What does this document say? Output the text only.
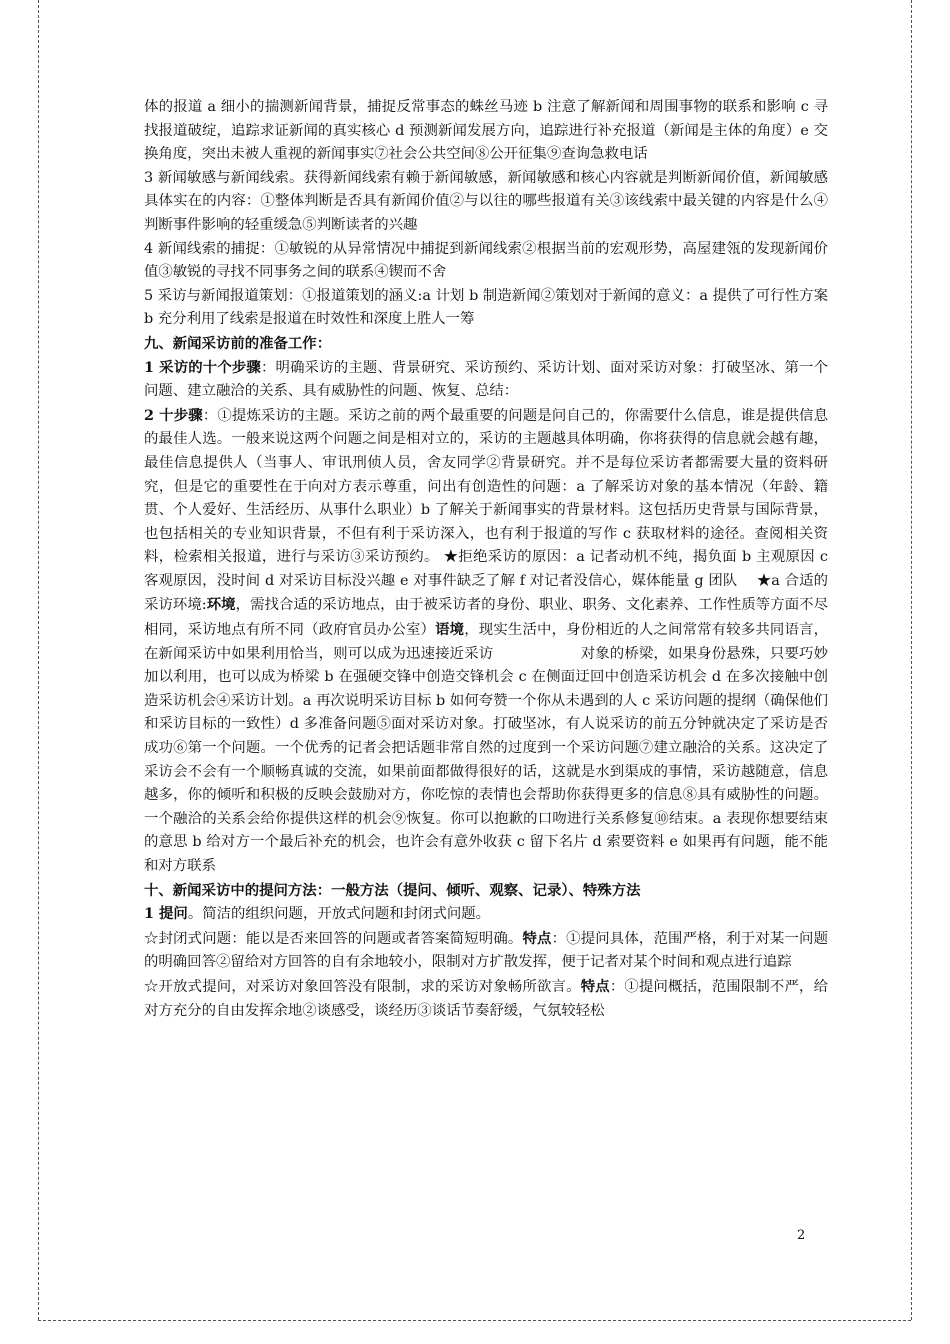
体的报道 a 细小的揣测新闻背景，捕捉反常事态的蛛丝马迹 b 注意了解新闻和周围事物的联系和影响 c 寻找报道破绽，追踪求证新闻的真实核心 d 预测新闻发展方向，追踪进行补充报道（新闻是主体的角度）e 交换角度，突出未被人重视的新闻事实⑦社会公共空间⑧公开征集⑨查询急救电话

3 新闻敏感与新闻线索。获得新闻线索有赖于新闻敏感，新闻敏感和核心内容就是判断新闻价值，新闻敏感具体实在的内容：①整体判断是否具有新闻价值②与以往的哪些报道有关③该线索中最关键的内容是什么④判断事件影响的轻重缓急⑤判断读者的兴趣

4 新闻线索的捕捉：①敏锐的从异常情况中捕捉到新闻线索②根据当前的宏观形势，高屋建瓴的发现新闻价值③敏锐的寻找不同事务之间的联系④锲而不舍

5 采访与新闻报道策划：①报道策划的涵义:a 计划 b 制造新闻②策划对于新闻的意义：a 提供了可行性方案 b 充分利用了线索是报道在时效性和深度上胜人一筹

九、新闻采访前的准备工作：

1 采访的十个步骤：明确采访的主题、背景研究、采访预约、采访计划、面对采访对象：打破坚冰、第一个问题、建立融洽的关系、具有威胁性的问题、恢复、总结：

2 十步骤：①提炼采访的主题。采访之前的两个最重要的问题是问自己的，你需要什么信息，谁是提供信息的最佳人选。一般来说这两个问题之间是相对立的，采访的主题越具体明确，你将获得的信息就会越有趣，最佳信息提供人（当事人、审讯刑侦人员，舍友同学②背景研究。并不是每位采访者都需要大量的资料研究，但是它的重要性在于向对方表示尊重，问出有创造性的问题：a 了解采访对象的基本情况（年龄、籍贯、个人爱好、生活经历、从事什么职业）b 了解关于新闻事实的背景材料。这包括历史背景与国际背景，也包括相关的专业知识背景，不但有利于采访深入，也有利于报道的写作 c 获取材料的途径。查阅相关资料，检索相关报道，进行与采访③采访预约。 ★拒绝采访的原因：a 记者动机不纯，揭负面 b 主观原因 c 客观原因，没时间 d 对采访目标没兴趣 e 对事件缺乏了解 f 对记者没信心，媒体能量 g 团队　 ★a 合适的采访环境:环境，需找合适的采访地点，由于被采访者的身份、职业、职务、文化素养、工作性质等方面不尽相同，采访地点有所不同（政府官员办公室）语境，现实生活中，身份相近的人之间常常有较多共同语言，在新闻采访中如果利用恰当，则可以成为迅速接近采访　　　　　　对象的桥梁，如果身份悬殊，只要巧妙加以利用，也可以成为桥梁 b 在强硬交锋中创造交锋机会 c 在侧面迂回中创造采访机会 d 在多次接触中创造采访机会④采访计划。a 再次说明采访目标 b 如何夸赞一个你从未遇到的人 c 采访问题的提纲（确保他们和采访目标的一致性）d 多准备问题⑤面对采访对象。打破坚冰，有人说采访的前五分钟就决定了采访是否成功⑥第一个问题。一个优秀的记者会把话题非常自然的过度到一个采访问题⑦建立融洽的关系。这决定了采访会不会有一个顺畅真诚的交流，如果前面都做得很好的话，这就是水到渠成的事情，采访越随意，信息越多，你的倾听和积极的反映会鼓励对方，你吃惊的表情也会帮助你获得更多的信息⑧具有威胁性的问题。一个融洽的关系会给你提供这样的机会⑨恢复。你可以抱歉的口吻进行关系修复⑩结束。a 表现你想要结束的意思 b 给对方一个最后补充的机会，也许会有意外收获 c 留下名片 d 索要资料 e 如果再有问题，能不能和对方联系

十、新闻采访中的提问方法：一般方法（提问、倾听、观察、记录）、特殊方法

1 提问。简洁的组织问题，开放式问题和封闭式问题。

☆封闭式问题：能以是否来回答的问题或者答案简短明确。特点：①提问具体，范围严格，利于对某一问题的明确回答②留给对方回答的自有余地较小，限制对方扩散发挥，便于记者对某个时间和观点进行追踪

☆开放式提问，对采访对象回答没有限制，求的采访对象畅所欲言。特点：①提问概括，范围限制不严，给对方充分的自由发挥余地②谈感受，谈经历③谈话节奏舒缓，气氛较轻松

2
